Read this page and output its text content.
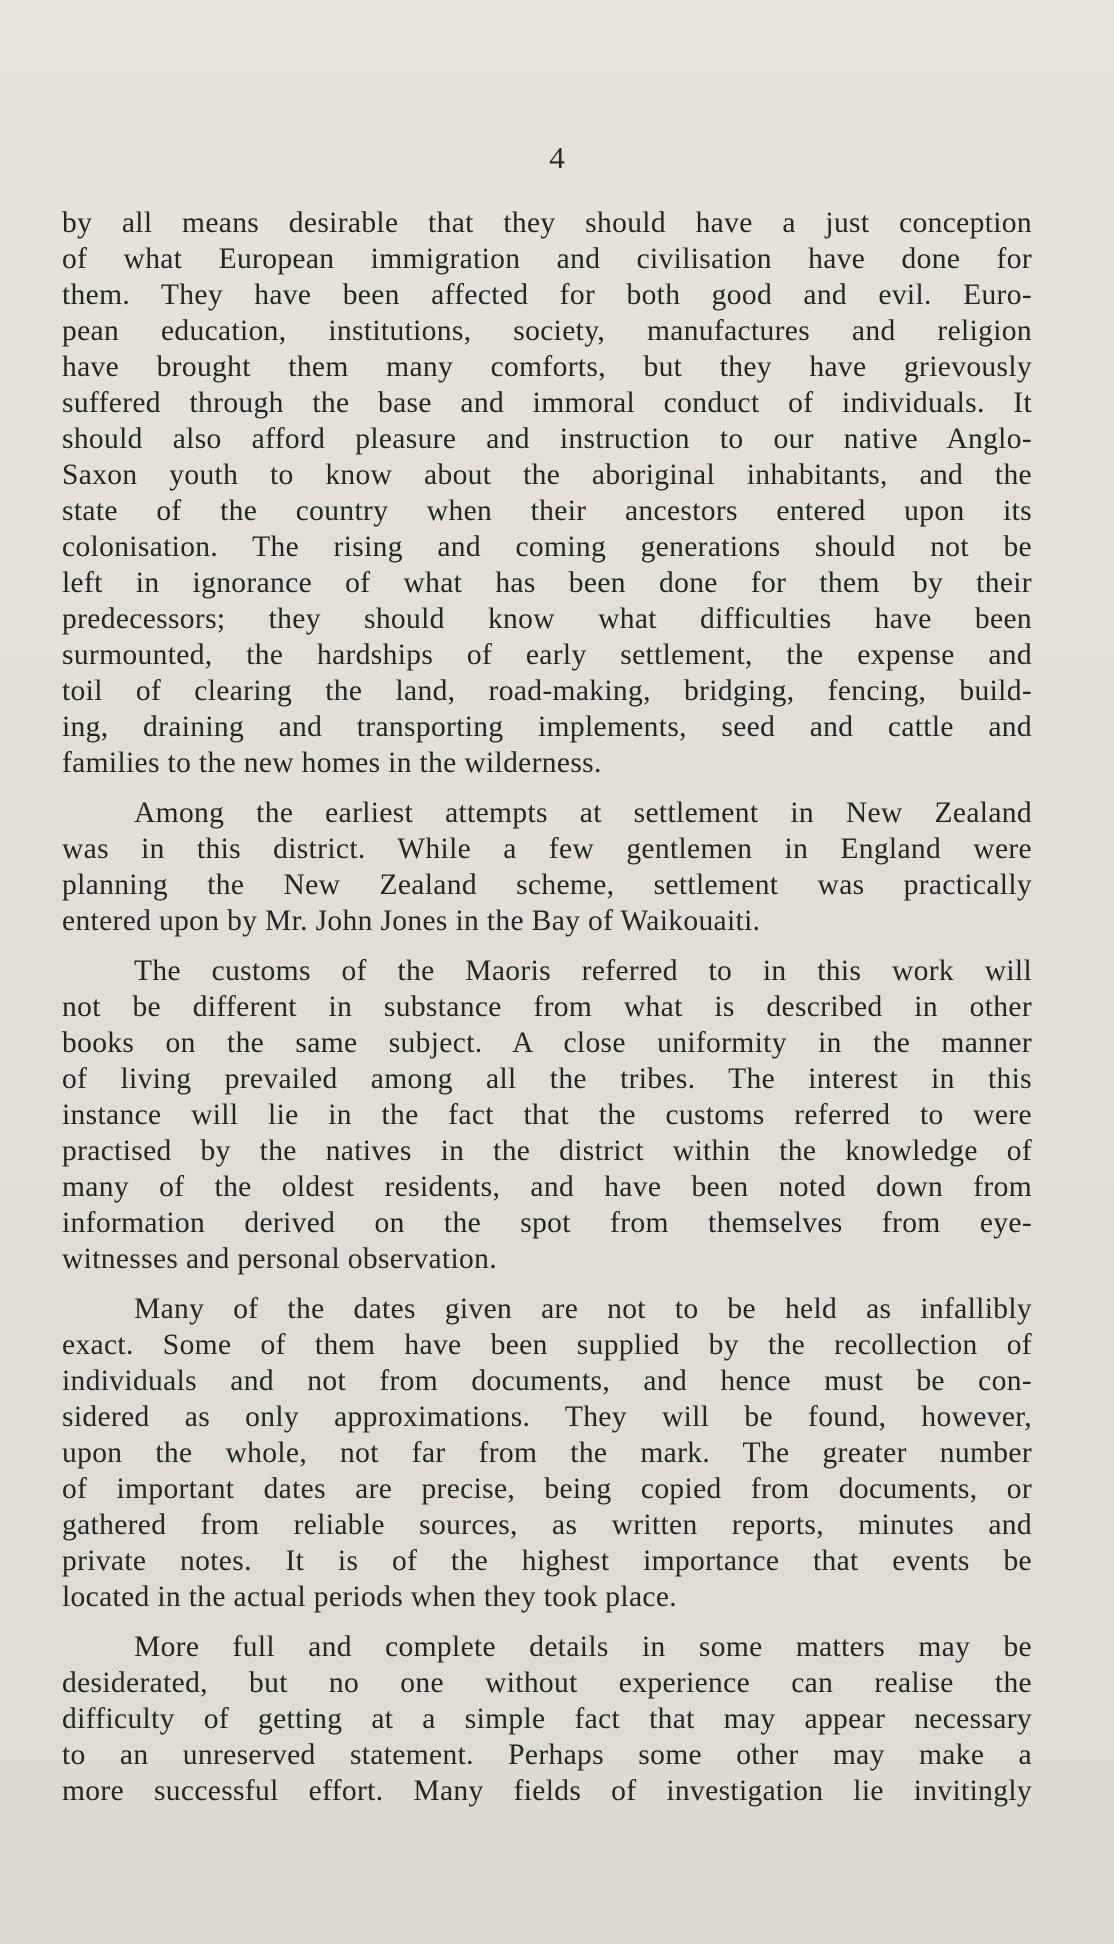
4

by all means desirable that they should have a just conception
of what European immigration and civilisation have done for
them. They have been affected for both good and evil. Euro-
pean education, institutions, society, manufactures and religion
have brought them many comforts, but they have grievously
suffered through the base and immoral conduct of individuals. It
should also afford pleasure and instruction to our native Anglo-
Saxon youth to know about the aboriginal inhabitants, and the
state of the country when their ancestors entered upon its
colonisation. The rising and coming generations should not be
left in ignorance of what has been done for them by their
predecessors; they should know what difficulties have been
surmounted, the hardships of early settlement, the expense and
toil of clearing the land, road-making, bridging, fencing, build-
ing, draining and transporting implements, seed and cattle and
families to the new homes in the wilderness.
Among the earliest attempts at settlement in New Zealand
was in this district. While a few gentlemen in England were
planning the New Zealand scheme, settlement was practically
entered upon by Mr. John Jones in the Bay of Waikouaiti.
The customs of the Maoris referred to in this work will
not be different in substance from what is described in other
books on the same subject. A close uniformity in the manner
of living prevailed among all the tribes. The interest in this
instance will lie in the fact that the customs referred to were
practised by the natives in the district within the knowledge of
many of the oldest residents, and have been noted down from
information derived on the spot from themselves from eye-
witnesses and personal observation.
Many of the dates given are not to be held as infallibly
exact. Some of them have been supplied by the recollection of
individuals and not from documents, and hence must be con-
sidered as only approximations. They will be found, however,
upon the whole, not far from the mark. The greater number
of important dates are precise, being copied from documents, or
gathered from reliable sources, as written reports, minutes and
private notes. It is of the highest importance that events be
located in the actual periods when they took place.
More full and complete details in some matters may be
desiderated, but no one without experience can realise the
difficulty of getting at a simple fact that may appear necessary
to an unreserved statement. Perhaps some other may make a
more successful effort. Many fields of investigation lie invitingly
